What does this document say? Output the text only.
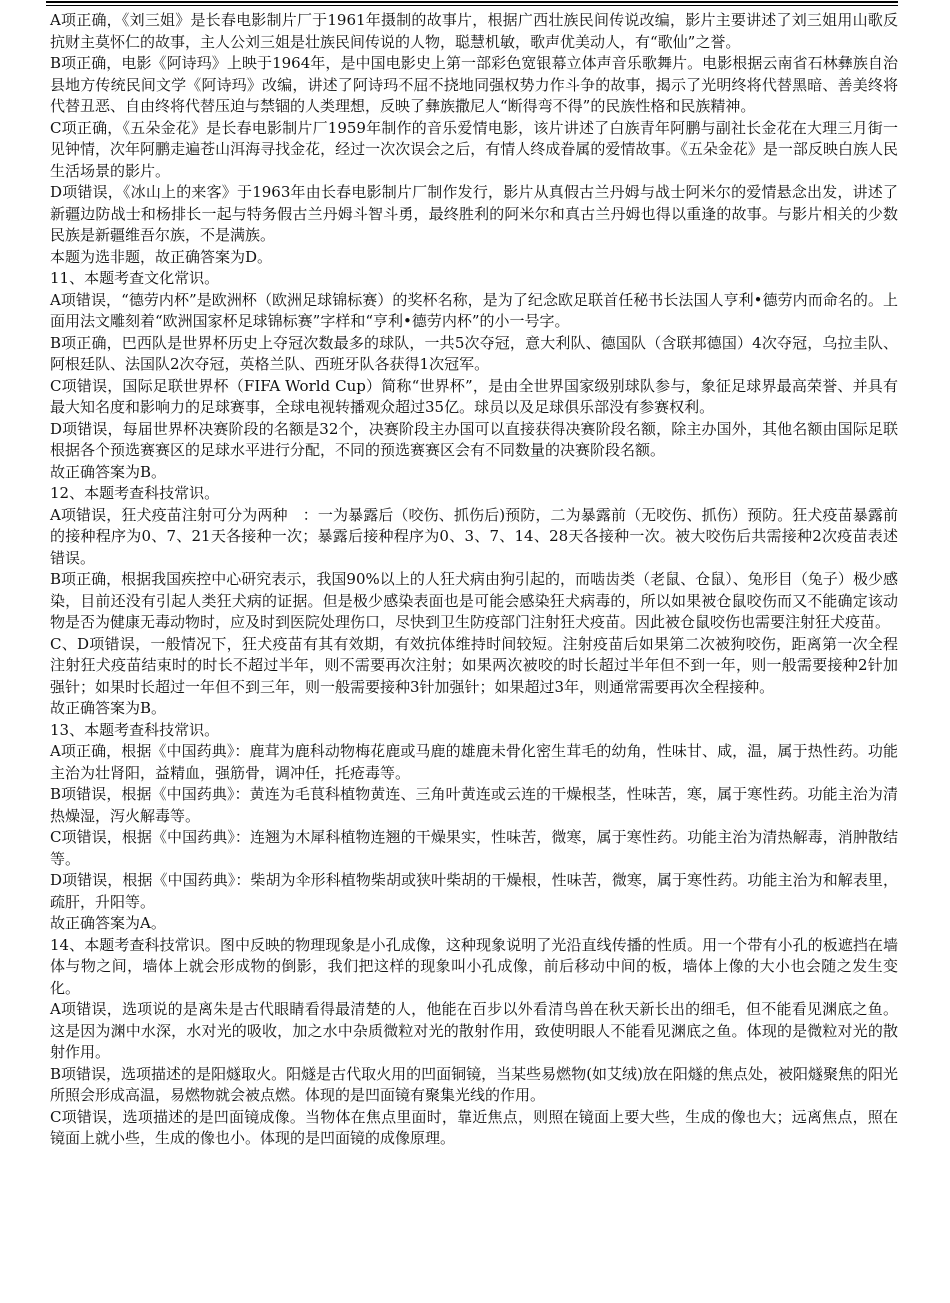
A项正确，《刘三姐》是长春电影制片厂于1961年摄制的故事片，根据广西壮族民间传说改编，影片主要讲述了刘三姐用山歌反抗财主莫怀仁的故事，主人公刘三姐是壮族民间传说的人物，聪慧机敏，歌声优美动人，有“歌仙”之誉。

B项正确，电影《阿诗玛》上映于1964年，是中国电影史上第一部彩色宽银幕立体声音乐歌舞片。电影根据云南省石林彝族自治县地方传统民间文学《阿诗玛》改编，讲述了阿诗玛不屈不挠地同强权势力作斗争的故事，揭示了光明终将代替黑暗、善美终将代替丑恶、自由终将代替压迫与禁锢的人类理想，反映了彝族撒尼人“断得弯不得”的民族性格和民族精神。

C项正确，《五朵金花》是长春电影制片厂1959年制作的音乐爱情电影，该片讲述了白族青年阿鹏与副社长金花在大理三月街一见钟情，次年阿鹏走遍苍山洱海寻找金花，经过一次次误会之后，有情人终成眷属的爱情故事。《五朵金花》是一部反映白族人民生活场景的影片。

D项错误，《冰山上的来客》于1963年由长春电影制片厂制作发行，影片从真假古兰丹姆与战士阿米尔的爱情悬念出发，讲述了新疆边防战士和杨排长一起与特务假古兰丹姆斗智斗勇，最终胜利的阿米尔和真古兰丹姆也得以重逢的故事。与影片相关的少数民族是新疆维吾尔族，不是满族。

本题为选非题，故正确答案为D。

11、本题考查文化常识。

A项错误，“德劳内杯”是欧洲杯（欧洲足球锦标赛）的奖杯名称，是为了纪念欧足联首任秘书长法国人亨利•德劳内而命名的。上面用法文雕刻着“欧洲国家杯足球锦标赛”字样和“亨利•德劳内杯”的小一号字。

B项正确，巴西队是世界杯历史上夺冠次数最多的球队，一共5次夺冠，意大利队、德国队（含联邦德国）4次夺冠，乌拉圭队、阿根廷队、法国队2次夺冠，英格兰队、西班牙队各获得1次冠军。

C项错误，国际足联世界杯（FIFA World Cup）简称“世界杯”，是由全世界国家级别球队参与，象征足球界最高荣誉、并具有最大知名度和影响力的足球赛事，全球电视转播观众超过35亿。球员以及足球俱乐部没有参赛权利。

D项错误，每届世界杯决赛阶段的名额是32个，决赛阶段主办国可以直接获得决赛阶段名额，除主办国外，其他名额由国际足联根据各个预选赛赛区的足球水平进行分配，不同的预选赛赛区会有不同数量的决赛阶段名额。

故正确答案为B。

12、本题考查科技常识。

A项错误，狂犬疫苗注射可分为两种　：一为暴露后（咬伤、抓伤后)预防，二为暴露前（无咬伤、抓伤）预防。狂犬疫苗暴露前的接种程序为0、7、21天各接种一次；暴露后接种程序为0、3、7、14、28天各接种一次。被大咬伤后共需接种2次疫苗表述错误。

B项正确，根据我国疾控中心研究表示，我国90%以上的人狂犬病由狗引起的，而啮齿类（老鼠、仓鼠）、兔形目（兔子）极少感染，目前还没有引起人类狂犬病的证据。但是极少感染表面也是可能会感染狂犬病毒的，所以如果被仓鼠咬伤而又不能确定该动物是否为健康无毒动物时，应及时到医院处理伤口，尽快到卫生防疫部门注射狂犬疫苗。因此被仓鼠咬伤也需要注射狂犬疫苗。

C、D项错误，一般情况下，狂犬疫苗有其有效期，有效抗体维持时间较短。注射疫苗后如果第二次被狗咬伤，距离第一次全程注射狂犬疫苗结束时的时长不超过半年，则不需要再次注射；如果两次被咬的时长超过半年但不到一年，则一般需要接种2针加强针；如果时长超过一年但不到三年，则一般需要接种3针加强针；如果超过3年，则通常需要再次全程接种。

故正确答案为B。

13、本题考查科技常识。

A项正确，根据《中国药典》：鹿茸为鹿科动物梅花鹿或马鹿的雄鹿未骨化密生茸毛的幼角，性味甘、咸，温，属于热性药。功能主治为壮肾阳，益精血，强筋骨，调冲任，托疮毒等。

B项错误，根据《中国药典》：黄连为毛茛科植物黄连、三角叶黄连或云连的干燥根茎，性味苦，寒，属于寒性药。功能主治为清热燥湿，泻火解毒等。

C项错误，根据《中国药典》：连翘为木犀科植物连翘的干燥果实，性味苦，微寒，属于寒性药。功能主治为清热解毒，消肿散结等。

D项错误，根据《中国药典》：柴胡为伞形科植物柴胡或狭叶柴胡的干燥根，性味苦，微寒，属于寒性药。功能主治为和解表里，疏肝，升阳等。

故正确答案为A。

14、本题考查科技常识。图中反映的物理现象是小孔成像，这种现象说明了光沿直线传播的性质。用一个带有小孔的板遮挡在墙体与物之间，墙体上就会形成物的倒影，我们把这样的现象叫小孔成像，前后移动中间的板，墙体上像的大小也会随之发生变化。

A项错误，选项说的是离朱是古代眼睛看得最清楚的人，他能在百步以外看清鸟兽在秋天新长出的细毛，但不能看见渊底之鱼。这是因为渊中水深，水对光的吸收，加之水中杂质微粒对光的散射作用，致使明眼人不能看见渊底之鱼。体现的是微粒对光的散射作用。

B项错误，选项描述的是阳燧取火。阳燧是古代取火用的凹面铜镜，当某些易燃物(如艾绒)放在阳燧的焦点处，被阳燧聚焦的阳光所照会形成高温，易燃物就会被点燃。体现的是凹面镜有聚集光线的作用。

C项错误，选项描述的是凹面镜成像。当物体在焦点里面时，靠近焦点，则照在镜面上要大些，生成的像也大；远离焦点，照在镜面上就小些，生成的像也小。体现的是凹面镜的成像原理。
